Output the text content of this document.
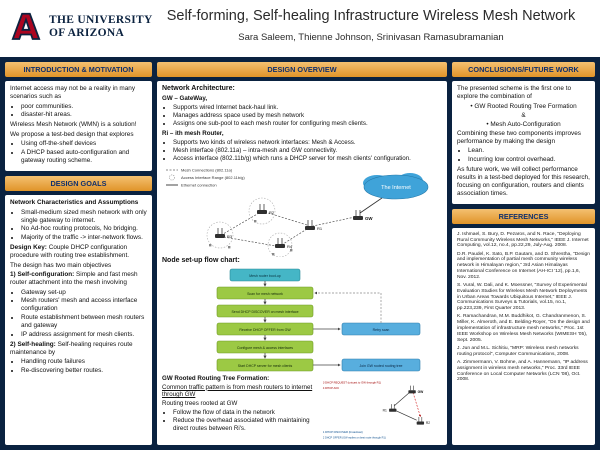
A THE UNIVERSITY
OF ARIZONA
Self-forming, Self-healing Infrastructure Wireless Mesh Network
Sara Saleem, Thienne Johnson, Srinivasan Ramasubramanian
INTRODUCTION & MOTIVATION

Internet access may not be a reality in many scenarios such as

• poor communities.
• disaster-hit areas.

Wireless Mesh Network (WMN) is a solution!

We propose a test-bed design that explores

• Using off-the-shelf devices
• A DHCP based auto-configuration and gateway routing scheme.
DESIGN GOALS

Network Characteristics and Assumptions

• Small-medium sized mesh network with only single gateway to internet.
• No Ad-hoc routing protocols, No bridging.
• Majority of the traffic -> inter-network flows.

Design Key: Couple DHCP configuration procedure with routing tree establishment.

The design has two main objectives

1) Self-configuration: Simple and fast mesh router attachment into the mesh involving

• Gateway set-up
• Mesh routers' mesh and access interface configuration
• Route establishment between mesh routers and gateway
• IP address assignment for mesh clients.

2) Self-healing: Self-healing requires route maintenance by

• Handling route failures
• Re-discovering better routes.
DESIGN OVERVIEW

Network Architecture:

GW – GateWay,

• Supports wired Internet back-haul link.
• Manages address space used by mesh network
• Assigns one sub-pool to each mesh router for configuring mesh clients.

Ri – ith mesh Router,

• Supports two kinds of wireless network interfaces: Mesh & Access.
• Mesh interface (802.11a) – intra-mesh and GW connectivity.
• Access interface (802.11b/g) which runs a DHCP server for mesh clients' configuration.
Mesh Connections (802.11a)
Access Interface Range (802.11b/g)
Ethernet connection	The Internet
GW
R1
R2
R3
R4

Node set-up flow chart:

Mesh router boot-up
Scan for mesh network
Send DHCP DISCOVER on mesh interface
Receive DHCP OFFER from GW	Retry scan
Configure mesh & access interfaces
Start DHCP server for mesh clients	Join GW rooted routing tree

GW Rooted Routing Tree Formation:

Common traffic pattern is from mesh routers to internet through GW

Routing trees rooted at GW

• Follow the flow of data in the network
• Reduce the overhead associated with maintaining direct routes between Ri's.
3 DHCP REQUEST (unicast to GW through R1)
4 DHCP ACK
1 DHCP DISCOVER (broadcast)
2 DHCP OFFER (GW replies on best route through R1)
GW
R1
R2
CONCLUSIONS/FUTURE WORK

The presented scheme is the first one to explore the combination of

• GW Rooted Routing Tree Formation
&
• Mesh Auto-Configuration

Combining these two components improves performance by making the design

• Lean.
• Incurring low control overhead.

As future work, we will collect performance results in a test-bed deployed for this research, focusing on configuration, routers and clients association times.

REFERENCES
J. Ishmael, S. Bury, D. Pezaros, and N. Race, "Deploying Rural Community Wireless Mesh Networks," IEEE J. Internet Computing, vol.12, no.4, pp.22,29, July-Aug. 2008.
D.R. Paudel, K. Sato, B.P. Gautam, and D. Shrestha, "Design and implementation of partial mesh community wireless network in Himalayan region," 3rd Asian Himalayas International Conference on Internet (AH-ICI '12), pp.1,6, Nov. 2012.
S. Vural, W. Dali, and K. Moessner, "Survey of Experimental Evaluation Studies for Wireless Mesh Network Deployments in Urban Areas Towards Ubiquitous Internet," IEEE J. Communications Surveys & Tutorials, vol.15, no.1, pp.223,239, First Quarter 2013.
K. Ramachandran, M.M. Buddhikot, G. Chandranmenon, S. Miller, K. Almeroth, and E. Belding-Royer, "On the design and implementation of infrastructure mesh networks," Proc. 1st IEEE Workshop on Wireless Mesh Networks (WIMESH '05), Sept. 2005.
J. Jun and M.L. Sichitiu, "MRP: Wireless mesh networks routing protocol", Computer Communications, 2008.
A. Zimmermann, V. Bohme, and A. Hannemann, "IP address assignment in wireless mesh networks," Proc. 33rd IEEE Conference on Local Computer Networks (LCN '08), Oct. 2008.
